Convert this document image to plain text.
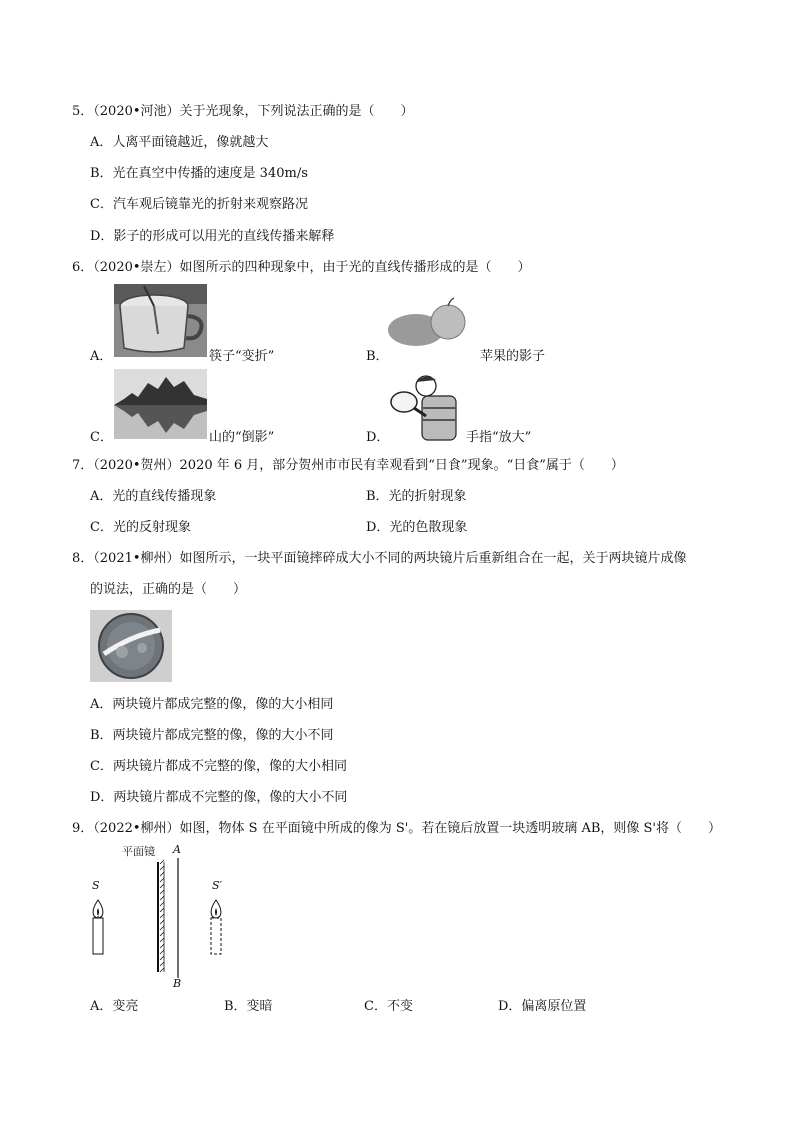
5．（2020•河池）关于光现象，下列说法正确的是（　　）
A．人离平面镜越近，像就越大
B．光在真空中传播的速度是 340m/s
C．汽车观后镜靠光的折射来观察路况
D．影子的形成可以用光的直线传播来解释
6．（2020•崇左）如图所示的四种现象中，由于光的直线传播形成的是（　　）
A．	筷子“变折”	B．	苹果的影子
C．	山的“倒影”	D．	手指“放大”
7．（2020•贺州）2020 年 6 月，部分贺州市市民有幸观看到“日食”现象。“日食”属于（　　）
A．光的直线传播现象	B．光的折射现象
C．光的反射现象	D．光的色散现象
8．（2021•柳州）如图所示，一块平面镜摔碎成大小不同的两块镜片后重新组合在一起，关于两块镜片成像
的说法，正确的是（　　）
A．两块镜片都成完整的像，像的大小相同
B．两块镜片都成完整的像，像的大小不同
C．两块镜片都成不完整的像，像的大小相同
D．两块镜片都成不完整的像，像的大小不同
9．（2022•柳州）如图，物体 S 在平面镜中所成的像为 S'。若在镜后放置一块透明玻璃 AB，则像 S'将（　　）
平面镜 A
B
S	S′
A．变亮	B．变暗	C．不变	D．偏离原位置
